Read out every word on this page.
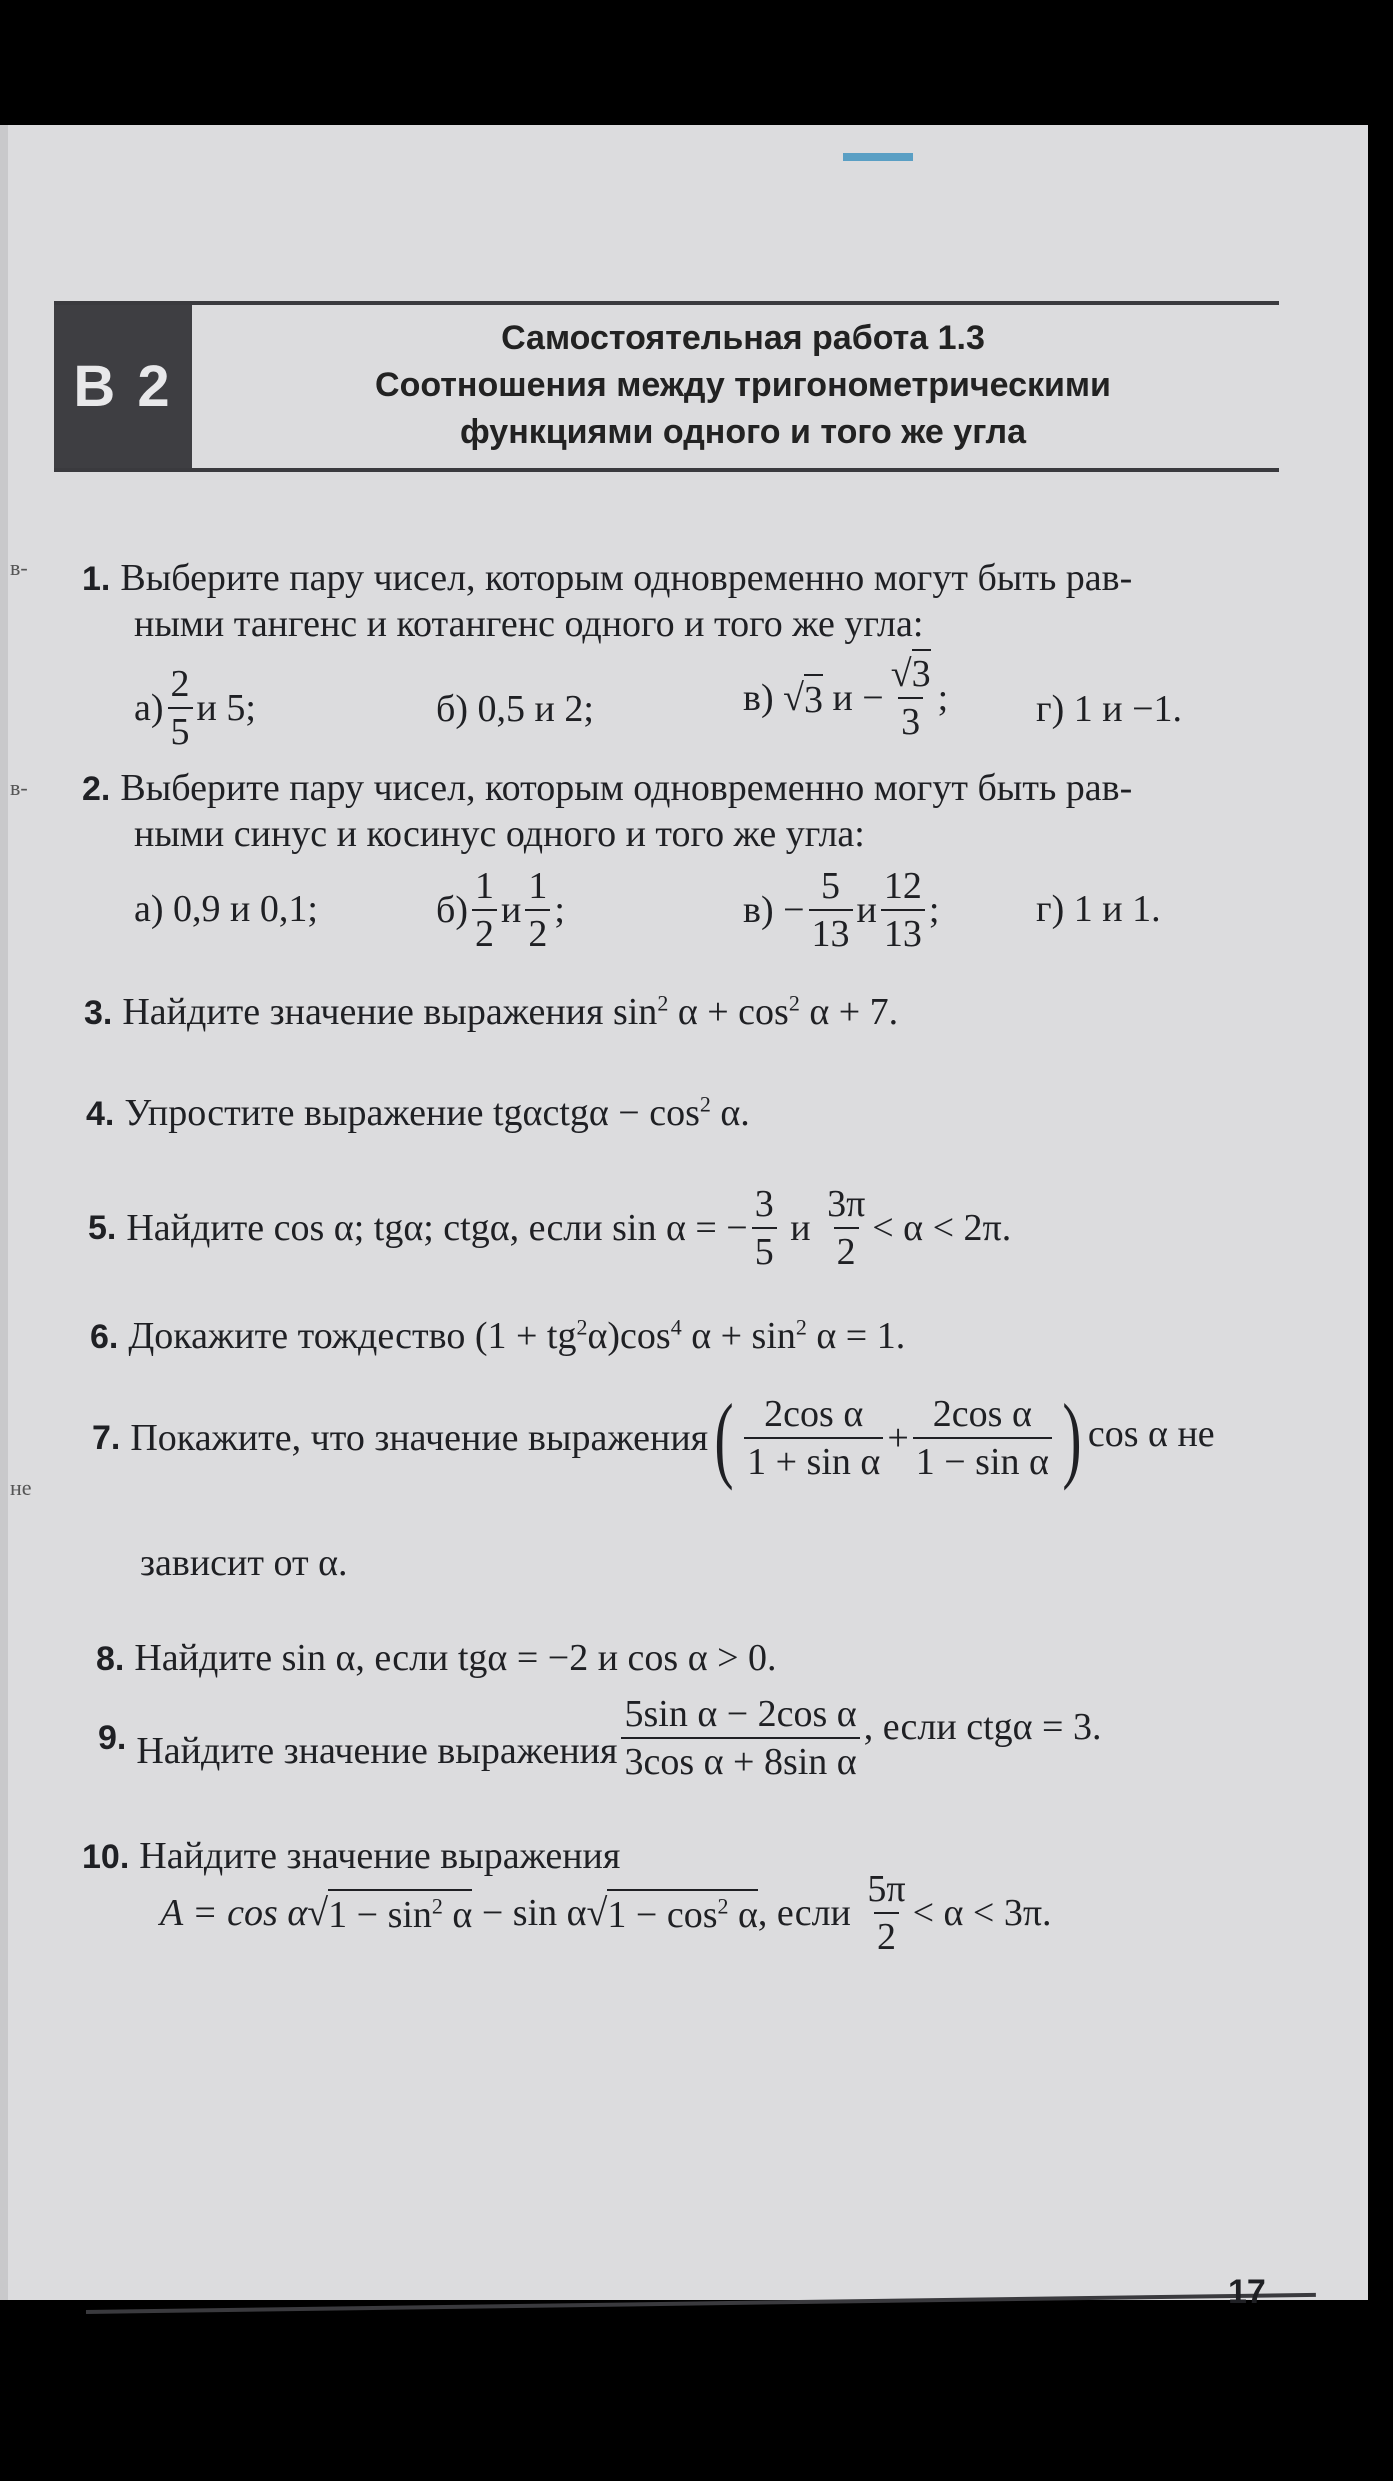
В 2
Самостоятельная работа 1.3
Соотношения между тригонометрическими
функциями одного и того же угла
в-
в-
не
1. Выберите пару чисел, которым одновременно могут быть рав-
ными тангенс и котангенс одного и того же угла:
$а) \frac{2}{5}$ и 5;	б) 0,5 и 2;	в) √ 3
$и - \frac{√3}{3}$ ; г) 1 и −1.
2. Выберите пару чисел, которым одновременно могут быть рав-
ными синус и косинус одного и того же угла:
а) 0,9 и 0,1;	$б) \frac{1}{2}$ и $\frac{1}{2}$ ;	$в) - \frac{5}{13}$ и $\frac{12}{13}$ ;	г) 1 и 1.
3. Найдите значение выражения $\sin^2 \alpha + \cos^2 \alpha + 7$.
4. Упростите выражение $tg\alpha ctg\alpha - \cos^2 \alpha$.
5. Найдите cos α; tgα; ctgα, если sin α = − $\frac{3}{5}$
и
$\frac{3\pi}{2} < \alpha < 2\pi$.
6. Докажите тождество $(1 + tg^2\alpha)\cos^4$ $\alpha + \sin^2 \alpha = 1$.
7. Покажите, что значение выражения ( $\frac{\text{2cos α}}{\text{1 + sin α}} + \frac{\text{2cos α}}{\text{1 − sin α}}$ ) cos α не
зависит от α.
8. Найдите sin α, если tgα = −2 и cos α > 0.
9. Найдите значение выражения $\frac{\text{5sin α − 2cos α}}{\text{3cos α + 8sin α}}$ , если ctgα = 3.
10. Найдите значение выражения
A = cos α √ $1 - \sin^2 \alpha$
− sin α √ $1 - \cos^2 \alpha$ , если
$\frac{5\pi}{2} < \alpha < 3\pi$.
17
